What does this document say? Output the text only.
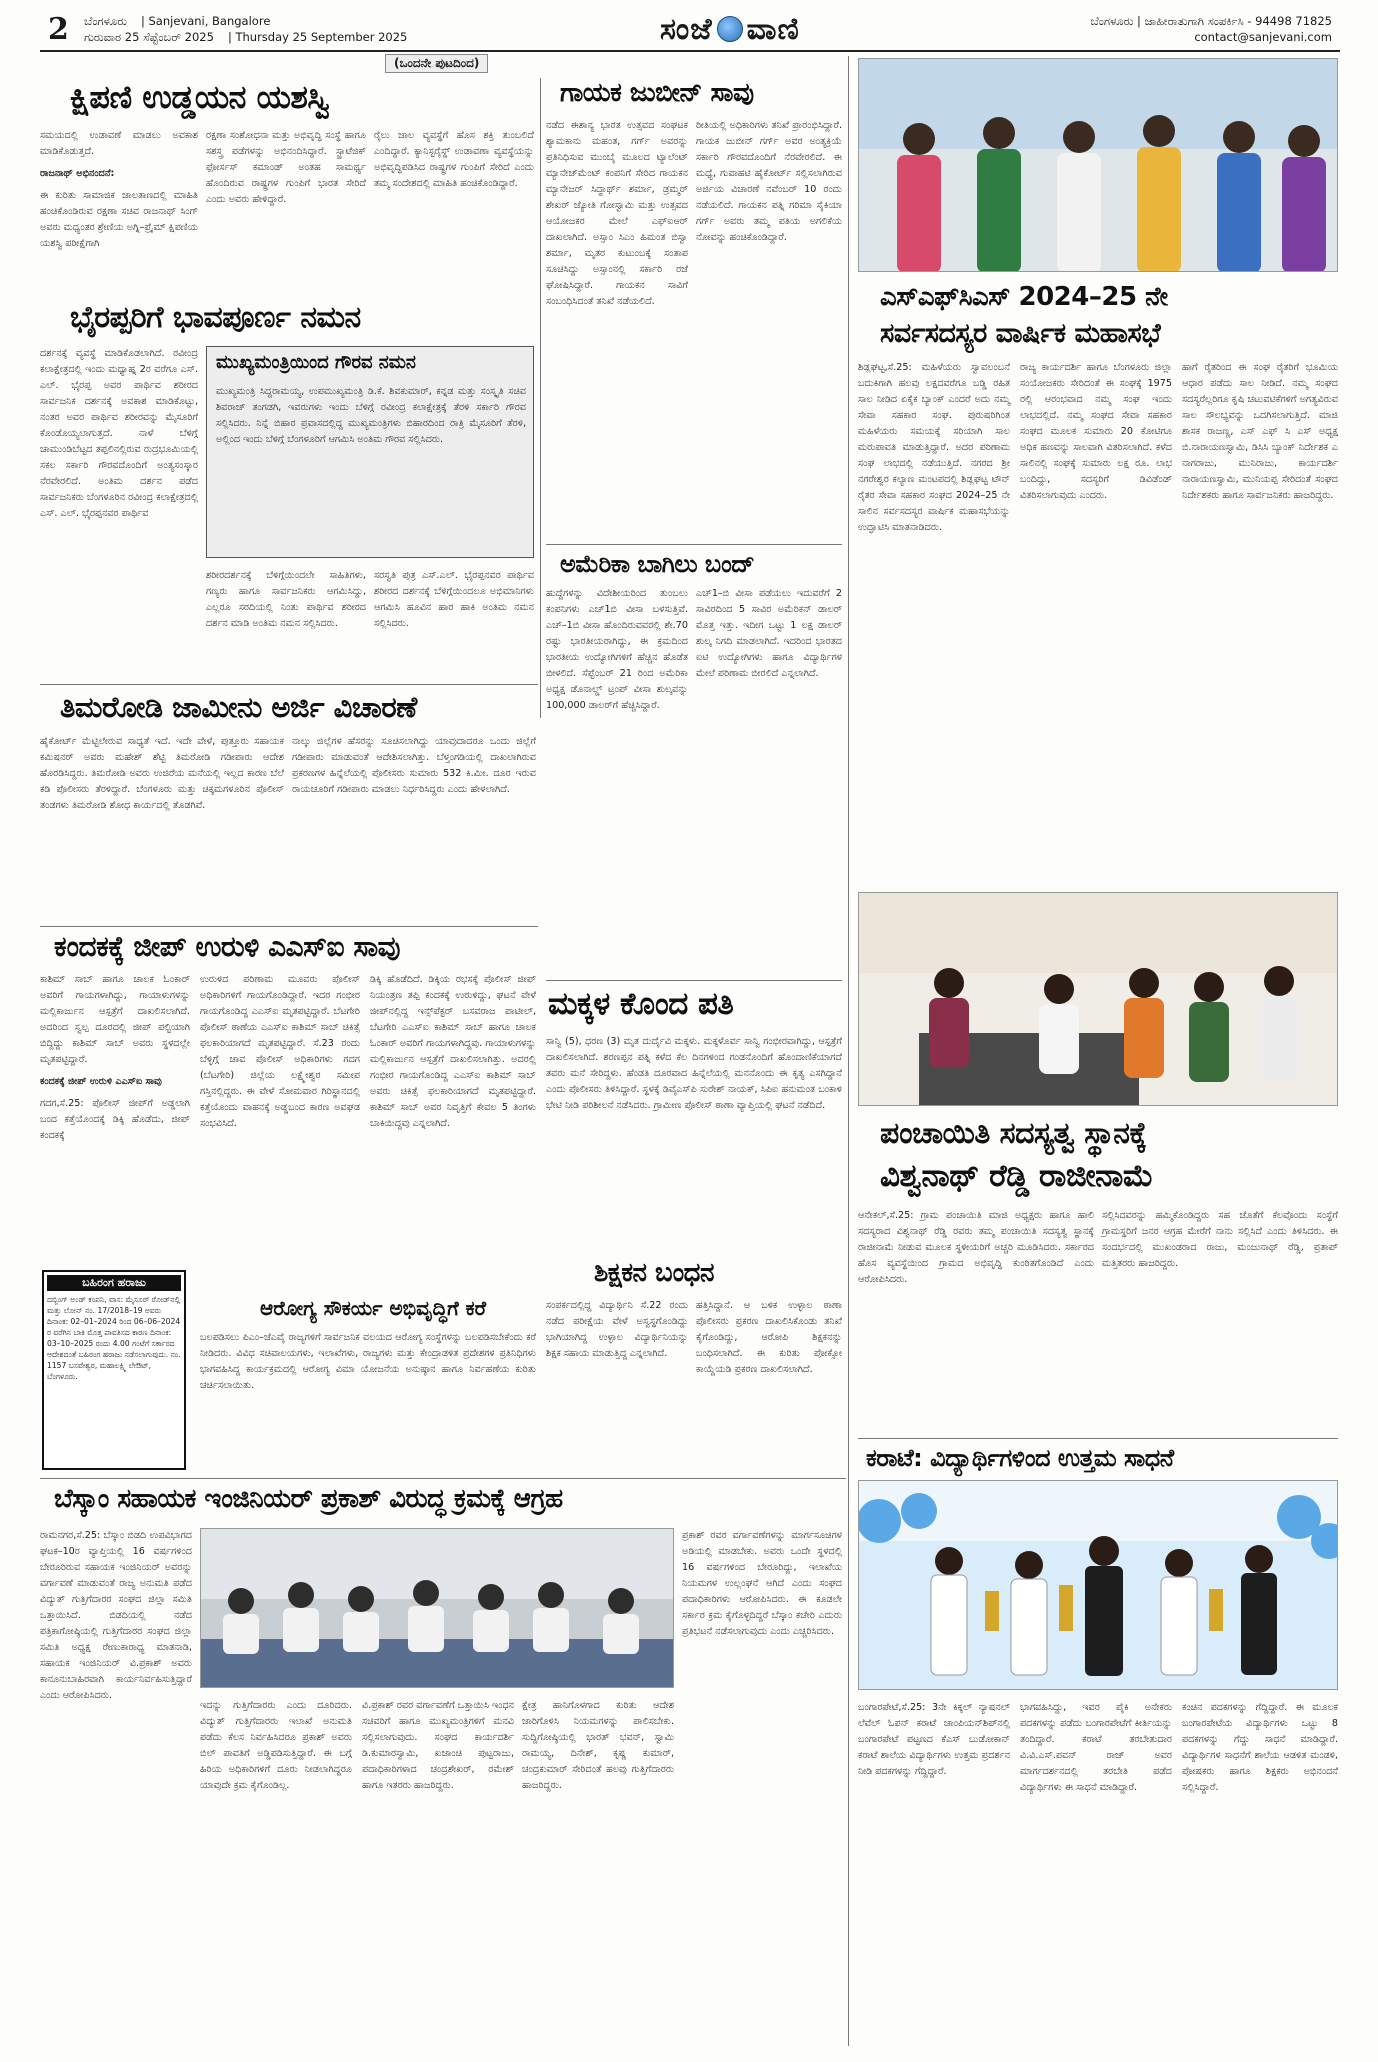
2 ಬೆಂಗಳೂರು | Sanjevani, Bangalore
ಗುರುವಾರ 25 ಸೆಪ್ಟೆಂಬರ್ 2025 | Thursday 25 September 2025	ಸಂಜೆ ವಾಣಿ	ಬೆಂಗಳೂರು | ಜಾಹೀರಾತುಗಾಗಿ ಸಂಪರ್ಕಿಸಿ - 94498 71825
contact@sanjevani.com
(ಒಂದನೇ ಪುಟದಿಂದ)
ಕ್ಷಿಪಣಿ ಉಡ್ಡಯನ ಯಶಸ್ವಿ

ಸಮಯದಲ್ಲಿ ಉಡಾವಣೆ ಮಾಡಲು ಅವಕಾಶ ಮಾಡಿಕೊಡುತ್ತದೆ.

ರಾಜನಾಥ್ ಅಭಿನಂದನೆ:

ಈ ಕುರಿತು ಸಾಮಾಜಿಕ ಜಾಲತಾಣದಲ್ಲಿ ಮಾಹಿತಿ ಹಂಚಿಕೊಂಡಿರುವ ರಕ್ಷಣಾ ಸಚಿವ ರಾಜನಾಥ್ ಸಿಂಗ್ ಅವರು ಮಧ್ಯಂತರ ಶ್ರೇಣಿಯ ಅಗ್ನಿ–ಪ್ರೈಮ್ ಕ್ಷಿಪಣಿಯ ಯಶಸ್ವಿ ಪರೀಕ್ಷೆಗಾಗಿ

ರಕ್ಷಣಾ ಸಂಶೋಧನಾ ಮತ್ತು ಅಭಿವೃದ್ಧಿ ಸಂಸ್ಥೆ ಹಾಗೂ ಸಶಸ್ತ್ರ ಪಡೆಗಳನ್ನು ಅಭಿನಂದಿಸಿದ್ದಾರೆ. ಸ್ಟ್ರಾಟೆಜಿಕ್ ಫೋರ್ಸಸ್ ಕಮಾಂಡ್ ಅಂತಹ ಸಾಮರ್ಥ್ಯ ಹೊಂದಿರುವ ರಾಷ್ಟ್ರಗಳ ಗುಂಪಿಗೆ ಭಾರತ ಸೇರಿದೆ ಎಂದು ಅವರು ಹೇಳಿದ್ದಾರೆ.
ರೈಲು ಜಾಲ ವ್ಯವಸ್ಥೆಗೆ ಹೊಸ ಶಕ್ತಿ ತುಂಬಲಿದೆ ಎಂದಿದ್ದಾರೆ. ಕ್ಯಾನಿಸ್ಟರೈಸ್ಡ್ ಉಡಾವಣಾ ವ್ಯವಸ್ಥೆಯನ್ನು ಅಭಿವೃದ್ಧಿಪಡಿಸಿದ ರಾಷ್ಟ್ರಗಳ ಗುಂಪಿಗೆ ಸೇರಿದೆ ಎಂದು ತಮ್ಮ ಸಂದೇಶದಲ್ಲಿ ಮಾಹಿತಿ ಹಂಚಿಕೊಂಡಿದ್ದಾರೆ.
ಭೈರಪ್ಪರಿಗೆ ಭಾವಪೂರ್ಣ ನಮನ
ದರ್ಶನಕ್ಕೆ ವ್ಯವಸ್ಥೆ ಮಾಡಿಕೊಡಲಾಗಿದೆ. ರವೀಂದ್ರ ಕಲಾಕ್ಷೇತ್ರದಲ್ಲಿ ಇಂದು ಮಧ್ಯಾಹ್ನ 2ರ ವರೆಗೂ ಎಸ್. ಎಲ್. ಭೈರಪ್ಪ ಅವರ ಪಾರ್ಥಿವ ಶರೀರದ ಸಾರ್ವಜನಿಕ ದರ್ಶನಕ್ಕೆ ಅವಕಾಶ ಮಾಡಿಕೊಟ್ಟು, ನಂತರ ಅವರ ಪಾರ್ಥಿವ ಶರೀರವನ್ನು ಮೈಸೂರಿಗೆ ಕೊಂಡೊಯ್ಯಲಾಗುತ್ತದೆ. ನಾಳೆ ಬೆಳಿಗ್ಗೆ ಚಾಮುಂಡಿಬೆಟ್ಟದ ತಪ್ಪಲಿನಲ್ಲಿರುವ ರುದ್ರಭೂಮಿಯಲ್ಲಿ ಸಕಲ ಸರ್ಕಾರಿ ಗೌರವದೊಂದಿಗೆ ಅಂತ್ಯಸಂಸ್ಕಾರ ನೆರವೇರಲಿದೆ. ಅಂತಿಮ ದರ್ಶನ ಪಡೆದ ಸಾರ್ವಜನಿಕರು ಬೆಂಗಳೂರಿನ ರವೀಂದ್ರ ಕಲಾಕ್ಷೇತ್ರದಲ್ಲಿ ಎಸ್. ಎಲ್. ಭೈರಪ್ಪನವರ ಪಾರ್ಥಿವ
ಮುಖ್ಯಮಂತ್ರಿಯಿಂದ ಗೌರವ ನಮನ
ಮುಖ್ಯಮಂತ್ರಿ ಸಿದ್ದರಾಮಯ್ಯ, ಉಪಮುಖ್ಯಮಂತ್ರಿ ಡಿ.ಕೆ. ಶಿವಕುಮಾರ್, ಕನ್ನಡ ಮತ್ತು ಸಂಸ್ಕೃತಿ ಸಚಿವ ಶಿವರಾಜ್ ತಂಗಡಗಿ, ಇವರುಗಳು ಇಂದು ಬೆಳಿಗ್ಗೆ ರವೀಂದ್ರ ಕಲಾಕ್ಷೇತ್ರಕ್ಕೆ ತೆರಳಿ ಸರ್ಕಾರಿ ಗೌರವ ಸಲ್ಲಿಸಿದರು. ನಿನ್ನೆ ಬಿಹಾರ ಪ್ರವಾಸದಲ್ಲಿದ್ದ ಮುಖ್ಯಮಂತ್ರಿಗಳು ಬಿಹಾರದಿಂದ ರಾತ್ರಿ ಮೈಸೂರಿಗೆ ತೆರಳಿ, ಅಲ್ಲಿಂದ ಇಂದು ಬೆಳಿಗ್ಗೆ ಬೆಂಗಳೂರಿಗೆ ಆಗಮಿಸಿ ಅಂತಿಮ ಗೌರವ ಸಲ್ಲಿಸಿದರು.
ಶರೀರದರ್ಶನಕ್ಕೆ ಬೆಳಿಗ್ಗೆಯಿಂದಲೇ ಸಾಹಿತಿಗಳು, ಗಣ್ಯರು ಹಾಗೂ ಸಾರ್ವಜನಿಕರು ಆಗಮಿಸಿದ್ದು, ಎಲ್ಲರೂ ಸರದಿಯಲ್ಲಿ ನಿಂತು ಪಾರ್ಥಿವ ಶರೀರದ ದರ್ಶನ ಮಾಡಿ ಅಂತಿಮ ನಮನ ಸಲ್ಲಿಸಿದರು.
ಸರಸ್ವತಿ ಪುತ್ರ ಎಸ್.ಎಲ್. ಭೈರಪ್ಪನವರ ಪಾರ್ಥಿವ ಶರೀರದ ದರ್ಶನಕ್ಕೆ ಬೆಳಿಗ್ಗೆಯಿಂದಲೂ ಅಭಿಮಾನಿಗಳು ಆಗಮಿಸಿ ಹೂವಿನ ಹಾರ ಹಾಕಿ ಅಂತಿಮ ನಮನ ಸಲ್ಲಿಸಿದರು.
ತಿಮರೋಡಿ ಜಾಮೀನು ಅರ್ಜಿ ವಿಚಾರಣೆ
ಹೈಕೋರ್ಟ್ ಮೆಟ್ಟಿಲೇರುವ ಸಾಧ್ಯತೆ ಇದೆ. ಇದೇ ವೇಳೆ, ಪುತ್ತೂರು ಸಹಾಯಕ ಕಮಿಷನರ್ ಅವರು ಮಹೇಶ್ ಶೆಟ್ಟಿ ತಿಮರೋಡಿ ಗಡೀಪಾರು ಆದೇಶ ಹೊರಡಿಸಿದ್ದರು. ತಿಮರೋಡಿ ಅವರು ಉಜಿರೆಯ ಮನೆಯಲ್ಲಿ ಇಲ್ಲದ ಕಾರಣ ಬೆಲೆ ಕಡಿ ಪೊಲೀಸರು ತೆರಳಿದ್ದಾರೆ. ಬೆಂಗಳೂರು ಮತ್ತು ಚಿಕ್ಕಮಗಳೂರಿನ ಪೊಲೀಸ್ ತಂಡಗಳು ತಿಮರೋಡಿ ಶೋಧ ಕಾರ್ಯದಲ್ಲಿ ತೊಡಗಿವೆ.
ನಾಲ್ಕು ಜಿಲ್ಲೆಗಳ ಹೆಸರನ್ನು ಸೂಚಿಸಲಾಗಿದ್ದು ಯಾವುದಾದರೂ ಒಂದು ಜಿಲ್ಲೆಗೆ ಗಡೀಪಾರು ಮಾಡುವಂತೆ ಆದೇಶಿಸಲಾಗಿತ್ತು. ಬೆಳ್ತಂಗಡಿಯಲ್ಲಿ ದಾಖಲಾಗಿರುವ ಪ್ರಕರಣಗಳ ಹಿನ್ನೆಲೆಯಲ್ಲಿ ಪೊಲೀಸರು ಸುಮಾರು 532 ಕಿ.ಮೀ. ದೂರ ಇರುವ ರಾಯಚೂರಿಗೆ ಗಡೀಪಾರು ಮಾಡಲು ನಿರ್ಧರಿಸಿದ್ದರು ಎಂದು ಹೇಳಲಾಗಿದೆ.
ಕಂದಕಕ್ಕೆ ಜೀಪ್ ಉರುಳಿ ಎಎಸ್‌ಐ ಸಾವು

ಕಾಶಿಮ್ ಸಾಬ್ ಹಾಗೂ ಚಾಲಕ ಓಂಕಾರ್ ಅವರಿಗೆ ಗಾಯಗಳಾಗಿದ್ದು, ಗಾಯಾಳುಗಳನ್ನು ಮಲ್ಲಿಕಾರ್ಜುನ ಆಸ್ಪತ್ರೆಗೆ ದಾಖಲಿಸಲಾಗಿದೆ. ಅದರಿಂದ ಸ್ವಲ್ಪ ದೂರದಲ್ಲಿ ಜೀಪ್ ಪಲ್ಟಿಯಾಗಿ ಬಿದ್ದಿದ್ದು ಕಾಶಿಮ್ ಸಾಬ್ ಅವರು ಸ್ಥಳದಲ್ಲೇ ಮೃತಪಟ್ಟಿದ್ದಾರೆ.

ಕಂದಕಕ್ಕೆ ಜೀಪ್ ಉರುಳಿ ಎಎಸ್‌ಐ ಸಾವು

ಗದಗ,ಸೆ.25: ಪೊಲೀಸ್ ಜೀಪ್‌ಗೆ ಅಡ್ಡಲಾಗಿ ಬಂದ ಕತ್ತೆಯೊಂದಕ್ಕೆ ಡಿಕ್ಕಿ ಹೊಡೆದು, ಜೀಪ್ ಕಂದಕಕ್ಕೆ

ಉರುಳಿದ ಪರಿಣಾಮ ಮೂವರು ಪೊಲೀಸ್ ಅಧಿಕಾರಿಗಳಿಗೆ ಗಾಯಗೊಂಡಿದ್ದಾರೆ. ಇದರ ಗಂಭೀರ ಗಾಯಗೊಂಡಿದ್ದ ಎಎಸ್‌ಐ ಮೃತಪಟ್ಟಿದ್ದಾರೆ. ಬೆಟಗೇರಿ ಪೊಲೀಸ್ ಠಾಣೆಯ ಎಎಸ್‌ಐ ಕಾಶಿಮ್ ಸಾಬ್ ಚಿಕಿತ್ಸೆ ಫಲಕಾರಿಯಾಗದೆ ಮೃತಪಟ್ಟಿದ್ದಾರೆ. ಸೆ.23 ರಂದು ಬೆಳ್ಳಿಗ್ಗೆ ಜಾವ ಪೊಲೀಸ್ ಅಧಿಕಾರಿಗಳು ಗದಗ (ಬೆಟಗೇರಿ) ಜಿಲ್ಲೆಯ ಲಕ್ಷ್ಮೇಶ್ವರ ಸಮೀಪ ಗಸ್ತಿನಲ್ಲಿದ್ದರು. ಈ ವೇಳೆ ಸೋಮವಾರ ಗಿರಿಸ್ಥಾನದಲ್ಲಿ ಕತ್ತೆಯೊಂದು ವಾಹನಕ್ಕೆ ಅಡ್ಡಬಂದ ಕಾರಣ ಅವಘಡ ಸಂಭವಿಸಿದೆ.
ಡಿಕ್ಕಿ ಹೊಡೆದಿದೆ. ಡಿಕ್ಕಿಯ ರಭಸಕ್ಕೆ ಪೊಲೀಸ್ ಜೀಪ್ ನಿಯಂತ್ರಣ ತಪ್ಪಿ ಕಂದಕಕ್ಕೆ ಉರುಳಿದ್ದು, ಘಟನೆ ವೇಳೆ ಜೀಪ್‌ನಲ್ಲಿದ್ದ ಇನ್ಸ್‌ಪೆಕ್ಟರ್ ಬಸವರಾಜ ಪಾಟೀಲ್, ಬೆಟಗೇರಿ ಎಎಸ್‌ಐ ಕಾಶಿಮ್ ಸಾಬ್ ಹಾಗೂ ಚಾಲಕ ಓಂಕಾರ್ ಅವರಿಗೆ ಗಾಯಗಳಾಗಿದ್ದವು. ಗಾಯಾಳುಗಳನ್ನು ಮಲ್ಲಿಕಾರ್ಜುನ ಆಸ್ಪತ್ರೆಗೆ ದಾಖಲಿಸಲಾಗಿತ್ತು. ಅದರಲ್ಲಿ ಗಂಭೀರ ಗಾಯಗೊಂಡಿದ್ದ ಎಎಸ್‌ಐ ಕಾಶಿಮ್ ಸಾಬ್ ಅವರು ಚಿಕಿತ್ಸೆ ಫಲಕಾರಿಯಾಗದೆ ಮೃತಪಟ್ಟಿದ್ದಾರೆ. ಕಾಶಿಮ್ ಸಾಬ್ ಅವರ ನಿವೃತ್ತಿಗೆ ಕೇವಲ 5 ತಿಂಗಳು ಬಾಕಿಯಿದ್ದವು ಎನ್ನಲಾಗಿದೆ.
ಬಹಿರಂಗ ಹರಾಜು
ದಬ್ಬಿಂಗ್ ಅಂಡ್ ಕಂಪನಿ, ವಾಸ: ಮೈಸೂರ್ ರೋಡ್‌ನಲ್ಲಿ ಮತ್ತು ಲೋನ್ ನಂ. 17/2018–19 ಅವರು ದಿನಾಂಕ: 02–01–2024 ರಿಂದ 06–06–2024 ರ ವರೆಗಿನ ಬಾಕಿ ಮೊತ್ತ ಪಾವತಿಸದ ಕಾರಣ ದಿನಾಂಕ: 03–10–2025 ರಂದು 4.00 ಗಂಟೆಗೆ ಸರ್ಕಾರದ ಆದೇಶದಂತೆ ಬಹಿರಂಗ ಹರಾಜು ನಡೆಸಲಾಗುವುದು. ನಂ. 1157 ಬಸವೇಶ್ವರ, ಮಹಾಲಕ್ಷ್ಮಿ ಲೇಔಟ್, ಬೆಂಗಳೂರು.
ಆರೋಗ್ಯ ಸೌಕರ್ಯ ಅಭಿವೃದ್ಧಿಗೆ ಕರೆ
ಬಲಪಡಿಸಲು ಪಿಎಂ–ಜೆಎವೈ ರಾಜ್ಯಗಳಿಗೆ ಸಾರ್ವಜನಿಕ ವಲಯದ ಆರೋಗ್ಯ ಸಂಸ್ಥೆಗಳನ್ನು ಬಲಪಡಿಸಬೇಕೆಂದು ಕರೆ ನೀಡಿದರು. ವಿವಿಧ ಸಚಿವಾಲಯಗಳು, ಇಲಾಖೆಗಳು, ರಾಜ್ಯಗಳು ಮತ್ತು ಕೇಂದ್ರಾಡಳಿತ ಪ್ರದೇಶಗಳ ಪ್ರತಿನಿಧಿಗಳು ಭಾಗವಹಿಸಿದ್ದ ಕಾರ್ಯಕ್ರಮದಲ್ಲಿ ಆರೋಗ್ಯ ವಿಮಾ ಯೋಜನೆಯ ಅನುಷ್ಠಾನ ಹಾಗೂ ನಿರ್ವಹಣೆಯ ಕುರಿತು ಚರ್ಚಿಸಲಾಯಿತು.
ಗಾಯಕ ಜುಬೀನ್ ಸಾವು
ನಡೆದ ಈಶಾನ್ಯ ಭಾರತ ಉತ್ಸವದ ಸಂಘಟಕ ಶ್ಯಾಮಕಾನು ಮಹಂತ, ಗರ್ಗ್ ಅವರನ್ನು ಪ್ರತಿನಿಧಿಸುವ ಮುಂಬೈ ಮೂಲದ ಟ್ಯಾಲೆಂಟ್ ಮ್ಯಾನೇಜ್‌ಮೆಂಟ್ ಕಂಪನಿಗೆ ಸೇರಿದ ಗಾಯಕನ ಮ್ಯಾನೇಜರ್ ಸಿದ್ಧಾರ್ಥ್ ಶರ್ಮಾ, ಡ್ರಮ್ಮರ್ ಶೇಖರ್ ಜ್ಯೋತಿ ಗೋಸ್ವಾಮಿ ಮತ್ತು ಉತ್ಸವದ ಆಯೋಜಕರ ಮೇಲೆ ಎಫ್‌ಐಆರ್ ದಾಖಲಾಗಿದೆ. ಅಸ್ಸಾಂ ಸಿಎಂ ಹಿಮಂತ ಬಿಸ್ವಾ ಶರ್ಮಾ, ಮೃತರ ಕುಟುಂಬಕ್ಕೆ ಸಂತಾಪ ಸೂಚಿಸಿದ್ದು ಅಸ್ಸಾಂನಲ್ಲಿ ಸರ್ಕಾರಿ ರಜೆ ಘೋಷಿಸಿದ್ದಾರೆ. ಗಾಯಕನ ಸಾವಿಗೆ ಸಂಬಂಧಿಸಿದಂತೆ ತನಿಖೆ ನಡೆಯಲಿದೆ.
ರೀತಿಯಲ್ಲಿ ಅಧಿಕಾರಿಗಳು ತನಿಖೆ ಪ್ರಾರಂಭಿಸಿದ್ದಾರೆ. ಗಾಯಕ ಜುಬೀನ್ ಗರ್ಗ್ ಅವರ ಅಂತ್ಯಕ್ರಿಯೆ ಸರ್ಕಾರಿ ಗೌರವದೊಂದಿಗೆ ನೆರವೇರಲಿದೆ. ಈ ಮಧ್ಯೆ, ಗುವಾಹಟಿ ಹೈಕೋರ್ಟ್ ಸಲ್ಲಿಸಲಾಗಿರುವ ಅರ್ಜಿಯ ವಿಚಾರಣೆ ನವೆಂಬರ್ 10 ರಂದು ನಡೆಯಲಿದೆ. ಗಾಯಕನ ಪತ್ನಿ ಗರಿಮಾ ಸೈಕಿಯಾ ಗರ್ಗ್ ಅವರು ತಮ್ಮ ಪತಿಯ ಅಗಲಿಕೆಯ ನೋವನ್ನು ಹಂಚಿಕೊಂಡಿದ್ದಾರೆ.
ಅಮೆರಿಕಾ ಬಾಗಿಲು ಬಂದ್
ಹುದ್ದೆಗಳನ್ನು ವಿದೇಶೀಯರಿಂದ ತುಂಬಲು ಕಂಪನಿಗಳು ಎಚ್‌1ಬಿ ವೀಸಾ ಬಳಸುತ್ತಿವೆ. ಎಚ್‌–1ಬಿ ವೀಸಾ ಹೊಂದಿರುವವರಲ್ಲಿ ಶೇ.70 ರಷ್ಟು ಭಾರತೀಯರಾಗಿದ್ದು, ಈ ಕ್ರಮದಿಂದ ಭಾರತೀಯ ಉದ್ಯೋಗಿಗಳಿಗೆ ಹೆಚ್ಚಿನ ಹೊಡೆತ ಬೀಳಲಿದೆ. ಸೆಪ್ಟೆಂಬರ್ 21 ರಿಂದ ಅಮೆರಿಕಾ ಅಧ್ಯಕ್ಷ ಡೊನಾಲ್ಡ್ ಟ್ರಂಪ್ ವೀಸಾ ಶುಲ್ಕವನ್ನು 100,000 ಡಾಲರ್‌ಗೆ ಹೆಚ್ಚಿಸಿದ್ದಾರೆ.
ಎಚ್‌1–ಬಿ ವೀಸಾ ಪಡೆಯಲು ಇದುವರೆಗೆ 2 ಸಾವಿರದಿಂದ 5 ಸಾವಿರ ಅಮೆರಿಕನ್ ಡಾಲರ್ ಮೊತ್ತ ಇತ್ತು. ಇದೀಗ ಒಟ್ಟು 1 ಲಕ್ಷ ಡಾಲರ್ ಶುಲ್ಕ ನಿಗದಿ ಮಾಡಲಾಗಿದೆ. ಇದರಿಂದ ಭಾರತದ ಐಟಿ ಉದ್ಯೋಗಿಗಳು ಹಾಗೂ ವಿದ್ಯಾರ್ಥಿಗಳ ಮೇಲೆ ಪರಿಣಾಮ ಬೀರಲಿದೆ ಎನ್ನಲಾಗಿದೆ.
ಮಕ್ಕಳ ಕೊಂದ ಪತಿ
ಸಾನ್ವಿ (5), ಧರಣ (3) ಮೃತ ದುರ್ದೈವಿ ಮಕ್ಕಳು. ಮಕ್ಕಳೊರ್ವ ಸಾನ್ವಿ ಗಂಭೀರವಾಗಿದ್ದು, ಆಸ್ಪತ್ರೆಗೆ ದಾಖಲಿಸಲಾಗಿದೆ. ಶರಣಪ್ಪನ ಪತ್ನಿ ಕಳೆದ ಕೆಲ ದಿನಗಳಿಂದ ಗಂಡನೊಂದಿಗೆ ಹೊಂದಾಣಿಕೆಯಾಗದೆ ತವರು ಮನೆ ಸೇರಿದ್ದಳು. ಹೆಂಡತಿ ದೂರವಾದ ಹಿನ್ನೆಲೆಯಲ್ಲಿ ಮನನೊಂದು ಈ ಕೃತ್ಯ ಎಸಗಿದ್ದಾನೆ ಎಂದು ಪೊಲೀಸರು ತಿಳಿಸಿದ್ದಾರೆ. ಸ್ಥಳಕ್ಕೆ ಡಿವೈಎಸ್‌ಪಿ ಸುರೇಶ್ ನಾಯಕ್, ಸಿಪಿಐ ಹನುಮಂತ ಬಂಕಾಳಿ ಭೇಟಿ ನೀಡಿ ಪರಿಶೀಲನೆ ನಡೆಸಿದರು. ಗ್ರಾಮೀಣ ಪೊಲೀಸ್ ಠಾಣಾ ವ್ಯಾಪ್ತಿಯಲ್ಲಿ ಘಟನೆ ನಡೆದಿದೆ.
ಶಿಕ್ಷಕನ ಬಂಧನ
ಸಂಪರ್ಕದಲ್ಲಿದ್ದ ವಿದ್ಯಾರ್ಥಿನಿ ಸೆ.22 ರಂದು ನಡೆದ ಪರೀಕ್ಷೆಯ ವೇಳೆ ಅಸ್ವಸ್ಥಗೊಂಡಿದ್ದು ಭಾಗಿಯಾಗಿದ್ದ ಉಳ್ಳಾಲ ವಿದ್ಯಾರ್ಥಿನಿಯನ್ನು ಶಿಕ್ಷಕ ಸಹಾಯ ಮಾಡುತ್ತಿದ್ದ ಎನ್ನಲಾಗಿದೆ.
ಹತ್ತಿಸಿದ್ದಾನೆ. ಆ ಬಳಿಕ ಉಳ್ಳಾಲ ಠಾಣಾ ಪೊಲೀಸರು ಪ್ರಕರಣ ದಾಖಲಿಸಿಕೊಂಡು ತನಿಖೆ ಕೈಗೊಂಡಿದ್ದು, ಆರೋಪಿ ಶಿಕ್ಷಕನನ್ನು ಬಂಧಿಸಲಾಗಿದೆ. ಈ ಕುರಿತು ಪೋಕ್ಸೋ ಕಾಯ್ದೆಯಡಿ ಪ್ರಕರಣ ದಾಖಲಿಸಲಾಗಿದೆ.
ಬೆಸ್ಕಾಂ ಸಹಾಯಕ ಇಂಜಿನಿಯರ್ ಪ್ರಕಾಶ್ ವಿರುದ್ಧ ಕ್ರಮಕ್ಕೆ ಆಗ್ರಹ
ರಾಮನಗರ,ಸೆ.25: ಬೆಸ್ಕಾಂ ಬಿಡದಿ ಉಪವಿಭಾಗದ ಘಟಕ–10ರ ವ್ಯಾಪ್ತಿಯಲ್ಲಿ 16 ವರ್ಷಗಳಿಂದ ಬೇರೂರಿರುವ ಸಹಾಯಕ ಇಂಜಿನಿಯರ್ ಅವರನ್ನು ವರ್ಗಾವಣೆ ಮಾಡುವಂತೆ ರಾಜ್ಯ ಅನುಮತಿ ಪಡೆದ ವಿದ್ಯುತ್ ಗುತ್ತಿಗೆದಾರರ ಸಂಘದ ಜಿಲ್ಲಾ ಸಮಿತಿ ಒತ್ತಾಯಿಸಿದೆ. ಬಿಡದಿಯಲ್ಲಿ ನಡೆದ ಪತ್ರಿಕಾಗೋಷ್ಠಿಯಲ್ಲಿ ಗುತ್ತಿಗೆದಾರರ ಸಂಘದ ಜಿಲ್ಲಾ ಸಮಿತಿ ಅಧ್ಯಕ್ಷ ರೇಣುಕಾರಾಧ್ಯ ಮಾತನಾಡಿ, ಸಹಾಯಕ ಇಂಜಿನಿಯರ್ ವಿ.ಪ್ರಕಾಶ್ ಅವರು ಕಾನೂನುಬಾಹಿರವಾಗಿ ಕಾರ್ಯನಿರ್ವಹಿಸುತ್ತಿದ್ದಾರೆ ಎಂದು ಆರೋಪಿಸಿದರು.
ಇದನ್ನು ಗುತ್ತಿಗೆದಾರರು ಎಂದು ದೂರಿದರು. ವಿದ್ಯುತ್ ಗುತ್ತಿಗೆದಾರರು ಇಲಾಖೆ ಅನುಮತಿ ಪಡೆದು ಕೆಲಸ ನಿರ್ವಹಿಸಿದರೂ ಪ್ರಕಾಶ್ ಅವರು ಬಿಲ್ ಪಾವತಿಗೆ ಅಡ್ಡಿಪಡಿಸುತ್ತಿದ್ದಾರೆ. ಈ ಬಗ್ಗೆ ಹಿರಿಯ ಅಧಿಕಾರಿಗಳಿಗೆ ದೂರು ನೀಡಲಾಗಿದ್ದರೂ ಯಾವುದೇ ಕ್ರಮ ಕೈಗೊಂಡಿಲ್ಲ.
ವಿ.ಪ್ರಕಾಶ್ ರವರ ವರ್ಗಾವಣೆಗೆ ಒತ್ತಾಯಿಸಿ ಇಂಧನ ಸಚಿವರಿಗೆ ಹಾಗೂ ಮುಖ್ಯಮಂತ್ರಿಗಳಿಗೆ ಮನವಿ ಸಲ್ಲಿಸಲಾಗುವುದು. ಸಂಘದ ಕಾರ್ಯದರ್ಶಿ ಡಿ.ಕುಮಾರಸ್ವಾಮಿ, ಖಜಾಂಚಿ ಪುಟ್ಟರಾಜು, ಪದಾಧಿಕಾರಿಗಳಾದ ಚಂದ್ರಶೇಖರ್, ರಮೇಶ್ ಹಾಗೂ ಇತರರು ಹಾಜರಿದ್ದರು.
ಪ್ರಕಾಶ್ ರವರ ವರ್ಗಾವಣೆಗಳನ್ನು ಮಾರ್ಗಸೂಚಿಗಳ ಅಡಿಯಲ್ಲಿ ಮಾಡಬೇಕು. ಅವರು ಒಂದೇ ಸ್ಥಳದಲ್ಲಿ 16 ವರ್ಷಗಳಿಂದ ಬೇರೂರಿದ್ದು, ಇಲಾಖೆಯ ನಿಯಮಗಳ ಉಲ್ಲಂಘನೆ ಆಗಿದೆ ಎಂದು ಸಂಘದ ಪದಾಧಿಕಾರಿಗಳು ಆರೋಪಿಸಿದರು. ಈ ಕೂಡಲೇ ಸರ್ಕಾರ ಕ್ರಮ ಕೈಗೊಳ್ಳದಿದ್ದರೆ ಬೆಸ್ಕಾಂ ಕಚೇರಿ ಎದುರು ಪ್ರತಿಭಟನೆ ನಡೆಸಲಾಗುವುದು ಎಂದು ಎಚ್ಚರಿಸಿದರು.
ಕ್ಷೇತ್ರ ಹಾನಿಗೊಳಗಾದ ಕುರಿತು ಆದೇಶ ಜಾರಿಗೊಳಿಸಿ ನಿಯಮಗಳನ್ನು ಪಾಲಿಸಬೇಕು. ಸುದ್ದಿಗೋಷ್ಠಿಯಲ್ಲಿ ಭಾರತ್ ಭವನ್, ಸ್ವಾಮಿ ರಾಮಯ್ಯ, ದಿನೇಶ್, ಕೃಷ್ಣ ಕುಮಾರ್, ಚಂದ್ರಕುಮಾರ್ ಸೇರಿದಂತೆ ಹಲವು ಗುತ್ತಿಗೆದಾರರು ಹಾಜರಿದ್ದರು.
ಎಸ್‌ಎಫ್‌ಸಿಎಸ್ 2024–25 ನೇ
ಸರ್ವಸದಸ್ಯರ ವಾರ್ಷಿಕ ಮಹಾಸಭೆ
ಶಿಡ್ಲಘಟ್ಟ,ಸೆ.25: ಮಹಿಳೆಯರು ಸ್ವಾವಲಂಬನೆ ಬದುಕಿಗಾಗಿ ಹಲವು ಲಕ್ಷದವರೆಗೂ ಬಡ್ಡಿ ರಹಿತ ಸಾಲ ನೀಡಿದ ಏಕೈಕ ಬ್ಯಾಂಕ್ ಎಂದರೆ ಅದು ನಮ್ಮ ಸೇವಾ ಸಹಕಾರ ಸಂಘ. ಪುರುಷರಿಗಿಂತ ಮಹಿಳೆಯರು ಸಮಯಕ್ಕೆ ಸರಿಯಾಗಿ ಸಾಲ ಮರುಪಾವತಿ ಮಾಡುತ್ತಿದ್ದಾರೆ. ಅದರ ಪರಿಣಾಮ ಸಂಘ ಲಾಭದಲ್ಲಿ ನಡೆಯುತ್ತಿದೆ. ನಗರದ ಶ್ರೀ ನಗರೇಶ್ವರ ಕಲ್ಯಾಣ ಮಂಟಪದಲ್ಲಿ ಶಿಡ್ಲಘಟ್ಟ ಟೌನ್ ರೈತರ ಸೇವಾ ಸಹಕಾರ ಸಂಘದ 2024–25 ನೇ ಸಾಲಿನ ಸರ್ವಸದಸ್ಯರ ವಾರ್ಷಿಕ ಮಹಾಸಭೆಯನ್ನು ಉದ್ಘಾಟಿಸಿ ಮಾತನಾಡಿದರು.
ರಾಜ್ಯ ಕಾರ್ಯದರ್ಶಿ ಹಾಗೂ ಬೆಂಗಳೂರು ಜಿಲ್ಲಾ ಸಂಯೋಜಕರು ಸೇರಿದಂತೆ ಈ ಸಂಘಕ್ಕೆ 1975 ರಲ್ಲಿ ಆರಂಭವಾದ ನಮ್ಮ ಸಂಘ ಇಂದು ಲಾಭದಲ್ಲಿದೆ. ನಮ್ಮ ಸಂಘದ ಸೇವಾ ಸಹಕಾರ ಸಂಘದ ಮೂಲಕ ಸುಮಾರು 20 ಕೋಟಿಗೂ ಅಧಿಕ ಹಣವನ್ನು ಸಾಲವಾಗಿ ವಿತರಿಸಲಾಗಿದೆ. ಕಳೆದ ಸಾಲಿನಲ್ಲಿ ಸಂಘಕ್ಕೆ ಸುಮಾರು ಲಕ್ಷ ರೂ. ಲಾಭ ಬಂದಿದ್ದು, ಸದಸ್ಯರಿಗೆ ಡಿವಿಡೆಂಡ್ ವಿತರಿಸಲಾಗುವುದು ಎಂದರು.
ಹಾಗೆ ರೈತರಿಂದ ಈ ಸಂಘ ರೈತರಿಗೆ ಭೂಮಿಯ ಆಧಾರ ಪಡೆದು ಸಾಲ ನೀಡಿದೆ. ನಮ್ಮ ಸಂಘದ ಸದಸ್ಯರೆಲ್ಲರಿಗೂ ಕೃಷಿ ಚಟುವಟಿಕೆಗಳಿಗೆ ಅಗತ್ಯವಿರುವ ಸಾಲ ಸೌಲಭ್ಯವನ್ನು ಒದಗಿಸಲಾಗುತ್ತಿದೆ. ಮಾಜಿ ಶಾಸಕ ರಾಜಣ್ಣ, ಎಸ್ ಎಫ್ ಸಿ ಎಸ್ ಅಧ್ಯಕ್ಷ ಬಿ.ನಾರಾಯಣಸ್ವಾಮಿ, ಡಿಸಿಸಿ ಬ್ಯಾಂಕ್ ನಿರ್ದೇಶಕ ಎ ನಾಗರಾಜು, ಮುನಿರಾಜು, ಕಾರ್ಯದರ್ಶಿ ನಾರಾಯಣಸ್ವಾಮಿ, ಮುನಿಯಪ್ಪ ಸೇರಿದಂತೆ ಸಂಘದ ನಿರ್ದೇಶಕರು ಹಾಗೂ ಸಾರ್ವಜನಿಕರು ಹಾಜರಿದ್ದರು.
ಪಂಚಾಯಿತಿ ಸದಸ್ಯತ್ವ ಸ್ಥಾನಕ್ಕೆ
ವಿಶ್ವನಾಥ್ ರೆಡ್ಡಿ ರಾಜೀನಾಮೆ
ಆನೇಕಲ್,ಸೆ.25: ಗ್ರಾಮ ಪಂಚಾಯಿತಿ ಮಾಜಿ ಅಧ್ಯಕ್ಷರು ಹಾಗೂ ಹಾಲಿ ಸದಸ್ಯರಾದ ವಿಶ್ವನಾಥ್ ರೆಡ್ಡಿ ರವರು ತಮ್ಮ ಪಂಚಾಯಿತಿ ಸದಸ್ಯತ್ವ ಸ್ಥಾನಕ್ಕೆ ರಾಜೀನಾಮೆ ನೀಡುವ ಮೂಲಕ ಸ್ಥಳೀಯರಿಗೆ ಅಚ್ಚರಿ ಮೂಡಿಸಿದರು. ಸರ್ಕಾರದ ಹೊಸ ವ್ಯವಸ್ಥೆಯಿಂದ ಗ್ರಾಮದ ಅಭಿವೃದ್ಧಿ ಕುಂಠಿತಗೊಂಡಿದೆ ಎಂದು ಆರೋಪಿಸಿದರು.
ಸಲ್ಲಿಸಿದವರನ್ನು ಹಮ್ಮಿಕೊಂಡಿದ್ದರು ಸಹ ಜೊತೆಗೆ ಕೆಲವೊಂದು ಸಂಸ್ಥೆಗೆ ಗ್ರಾಮಸ್ಥರಿಗೆ ಜನರ ಆಗ್ರಹ ಮೇರೆಗೆ ನಾನು ಸಲ್ಲಿಸಿದೆ ಎಂದು ತಿಳಿಸಿದರು. ಈ ಸಂದರ್ಭದಲ್ಲಿ ಮುಖಂಡರಾದ ರಾಜು, ಮಂಜುನಾಥ್ ರೆಡ್ಡಿ, ಪ್ರತಾಪ್ ಮತ್ತಿತರರು ಹಾಜರಿದ್ದರು.
ಕರಾಟೆ: ವಿದ್ಯಾರ್ಥಿಗಳಿಂದ ಉತ್ತಮ ಸಾಧನೆ
ಬಂಗಾರಪೇಟೆ,ಸೆ.25: 3ನೇ ಕಿಕ್ಕಲ್ ನ್ಯಾಷನಲ್ ಲೆವೆಲ್ ಓಪನ್ ಕರಾಟೆ ಚಾಂಪಿಯನ್‌ಶಿಪ್‌ನಲ್ಲಿ ಬಂಗಾರಪೇಟೆ ಪಟ್ಟಣದ ಕೆಎಸ್ ಬುಡೋಕಾನ್ ಕರಾಟೆ ಶಾಲೆಯ ವಿದ್ಯಾರ್ಥಿಗಳು ಉತ್ತಮ ಪ್ರದರ್ಶನ ನೀಡಿ ಪದಕಗಳನ್ನು ಗೆದ್ದಿದ್ದಾರೆ.
ಭಾಗವಹಿಸಿದ್ದು, ಇವರ ಪೈಕಿ ಅನೇಕರು ಪದಕಗಳನ್ನು ಪಡೆದು ಬಂಗಾರಪೇಟೆಗೆ ಕೀರ್ತಿಯನ್ನು ತಂದಿದ್ದಾರೆ. ಕರಾಟೆ ತರಬೇತುದಾರ ವಿ.ವಿ.ಎಸ್.ಪವನ್ ರಾಜ್ ಅವರ ಮಾರ್ಗದರ್ಶನದಲ್ಲಿ ತರಬೇತಿ ಪಡೆದ ವಿದ್ಯಾರ್ಥಿಗಳು ಈ ಸಾಧನೆ ಮಾಡಿದ್ದಾರೆ.
ಕಂಚಿನ ಪದಕಗಳನ್ನು ಗೆದ್ದಿದ್ದಾರೆ. ಈ ಮೂಲಕ ಬಂಗಾರಪೇಟೆಯ ವಿದ್ಯಾರ್ಥಿಗಳು ಒಟ್ಟು 8 ಪದಕಗಳನ್ನು ಗೆದ್ದು ಸಾಧನೆ ಮಾಡಿದ್ದಾರೆ. ವಿದ್ಯಾರ್ಥಿಗಳ ಸಾಧನೆಗೆ ಶಾಲೆಯ ಆಡಳಿತ ಮಂಡಳಿ, ಪೋಷಕರು ಹಾಗೂ ಶಿಕ್ಷಕರು ಅಭಿನಂದನೆ ಸಲ್ಲಿಸಿದ್ದಾರೆ.
